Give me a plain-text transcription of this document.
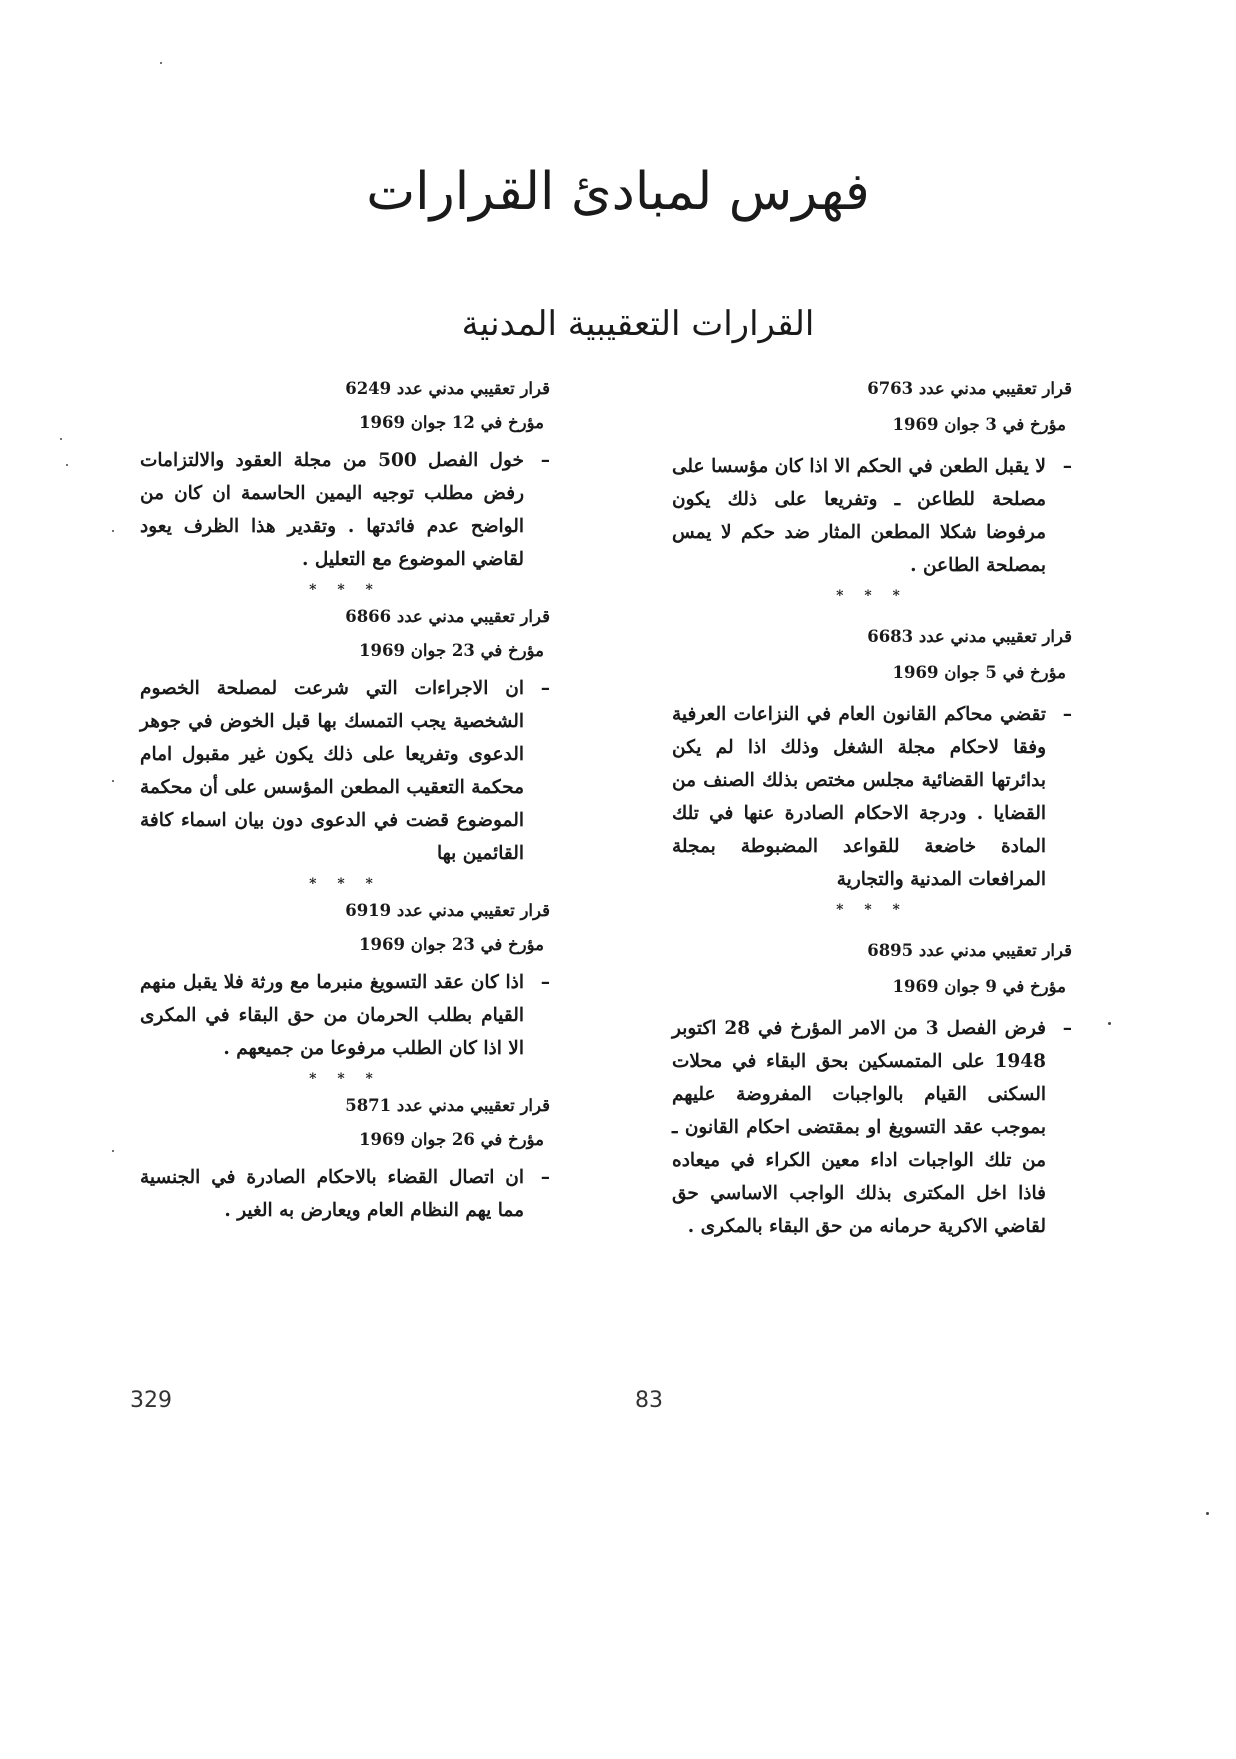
فهرس لمبادئ القرارات
القرارات التعقيبية المدنية
قرار تعقيبي مدني عدد 6763
مؤرخ في 3 جوان 1969
– لا يقبل الطعن في الحكم الا اذا كان مؤسسا على مصلحة للطاعن ـ وتفريعا على ذلك يكون مرفوضا شكلا المطعن المثار ضد حكم لا يمس بمصلحة الطاعن .
* * *
قرار تعقيبي مدني عدد 6683
مؤرخ في 5 جوان 1969
– تقضي محاكم القانون العام في النزاعات العرفية وفقا لاحكام مجلة الشغل وذلك اذا لم يكن بدائرتها القضائية مجلس مختص بذلك الصنف من القضايا . ودرجة الاحكام الصادرة عنها في تلك المادة خاضعة للقواعد المضبوطة بمجلة المرافعات المدنية والتجارية
* * *
قرار تعقيبي مدني عدد 6895
مؤرخ في 9 جوان 1969
– فرض الفصل 3 من الامر المؤرخ في 28 اكتوبر 1948 على المتمسكين بحق البقاء في محلات السكنى القيام بالواجبات المفروضة عليهم بموجب عقد التسويغ او بمقتضى احكام القانون ـ من تلك الواجبات اداء معين الكراء في ميعاده فاذا اخل المكترى بذلك الواجب الاساسي حق لقاضي الاكرية حرمانه من حق البقاء بالمكرى .
قرار تعقيبي مدني عدد 6249
مؤرخ في 12 جوان 1969
– خول الفصل 500 من مجلة العقود والالتزامات رفض مطلب توجيه اليمين الحاسمة ان كان من الواضح عدم فائدتها . وتقدير هذا الظرف يعود لقاضي الموضوع مع التعليل .
* * *
قرار تعقيبي مدني عدد 6866
مؤرخ في 23 جوان 1969
– ان الاجراءات التي شرعت لمصلحة الخصوم الشخصية يجب التمسك بها قبل الخوض في جوهر الدعوى وتفريعا على ذلك يكون غير مقبول امام محكمة التعقيب المطعن المؤسس على أن محكمة الموضوع قضت في الدعوى دون بيان اسماء كافة القائمين بها
* * *
قرار تعقيبي مدني عدد 6919
مؤرخ في 23 جوان 1969
– اذا كان عقد التسويغ منبرما مع ورثة فلا يقبل منهم القيام بطلب الحرمان من حق البقاء في المكرى الا اذا كان الطلب مرفوعا من جميعهم .
* * *
قرار تعقيبي مدني عدد 5871
مؤرخ في 26 جوان 1969
– ان اتصال القضاء بالاحكام الصادرة في الجنسية مما يهم النظام العام ويعارض به الغير .
329	83
